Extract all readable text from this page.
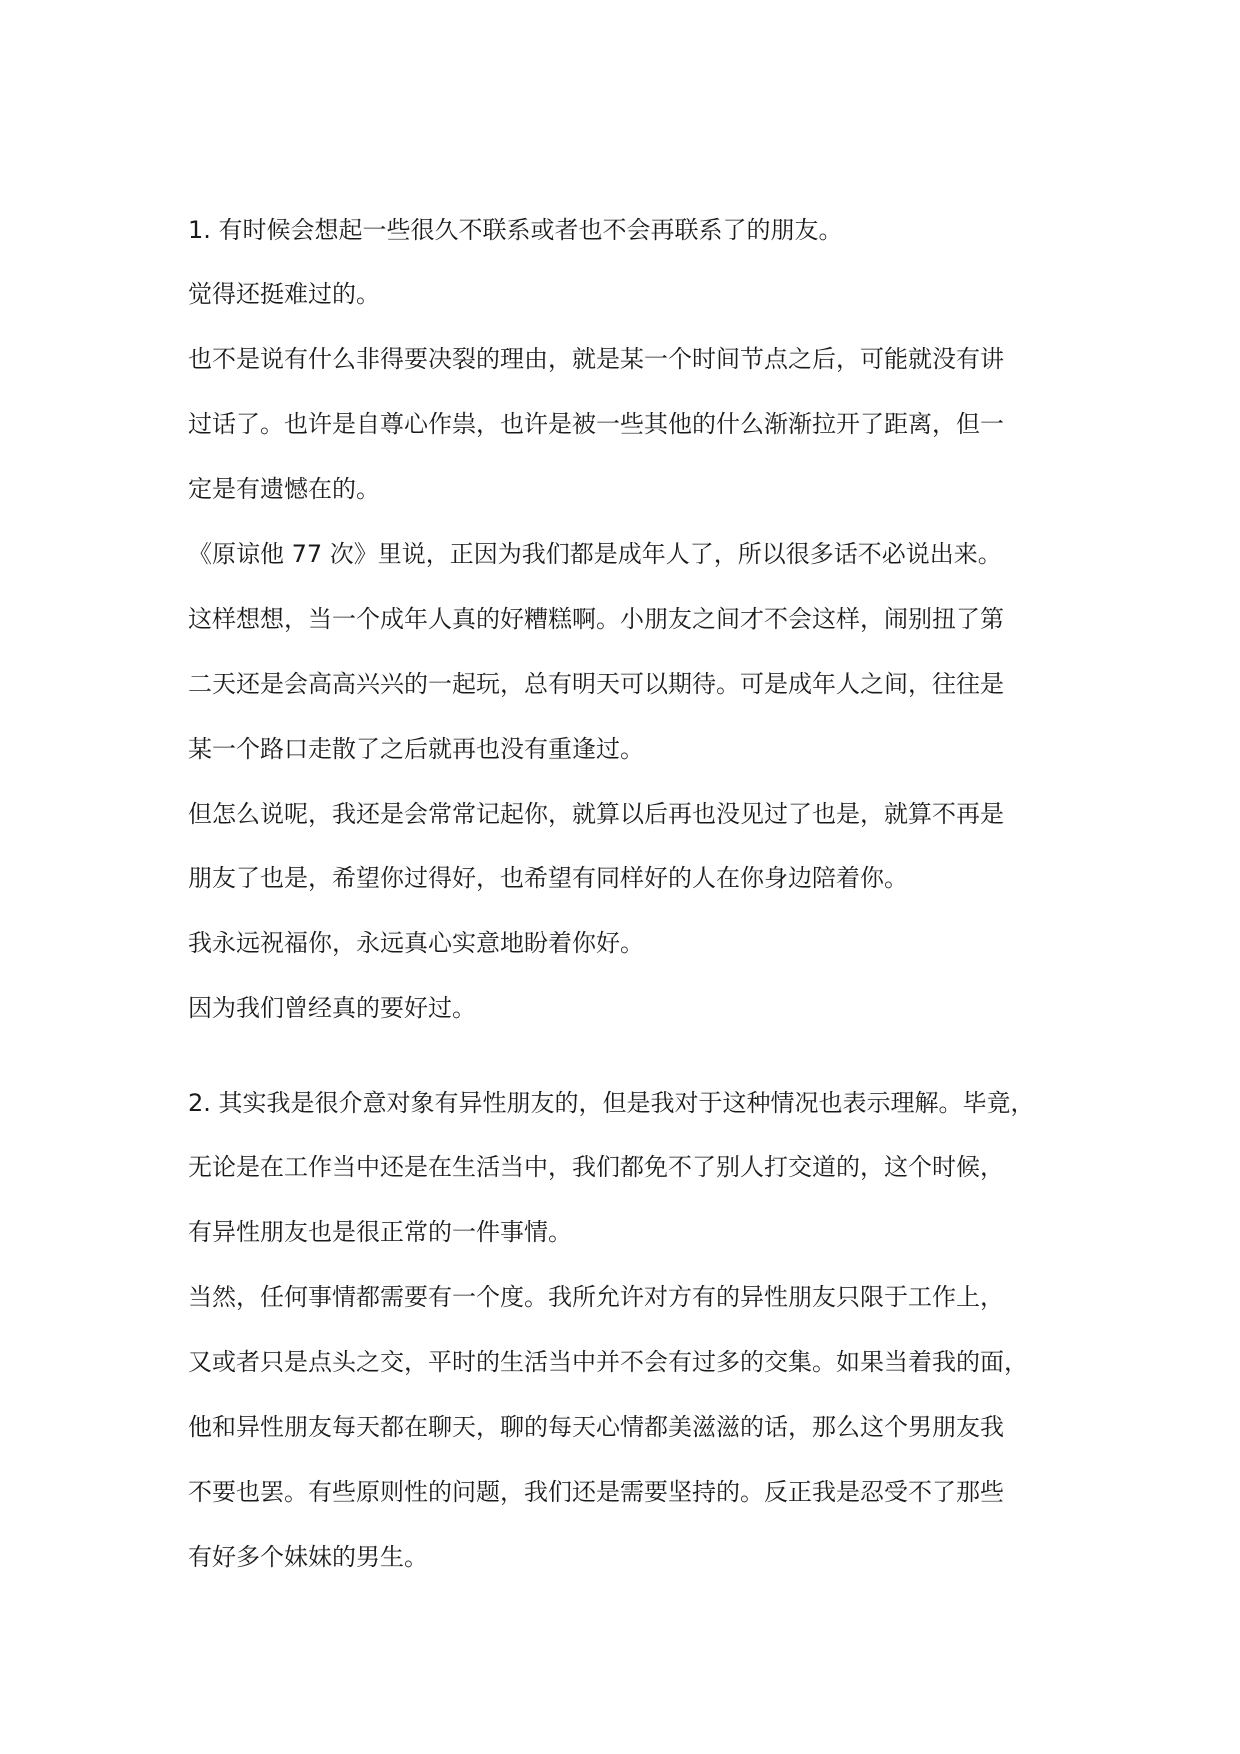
1. 有时候会想起一些很久不联系或者也不会再联系了的朋友。

觉得还挺难过的。

也不是说有什么非得要决裂的理由，就是某一个时间节点之后，可能就没有讲

过话了。也许是自尊心作祟，也许是被一些其他的什么渐渐拉开了距离，但一

定是有遗憾在的。

《原谅他 77 次》里说，正因为我们都是成年人了，所以很多话不必说出来。

这样想想，当一个成年人真的好糟糕啊。小朋友之间才不会这样，闹别扭了第

二天还是会高高兴兴的一起玩，总有明天可以期待。可是成年人之间，往往是

某一个路口走散了之后就再也没有重逢过。

但怎么说呢，我还是会常常记起你，就算以后再也没见过了也是，就算不再是

朋友了也是，希望你过得好，也希望有同样好的人在你身边陪着你。

我永远祝福你，永远真心实意地盼着你好。

因为我们曾经真的要好过。

2. 其实我是很介意对象有异性朋友的，但是我对于这种情况也表示理解。毕竟，

无论是在工作当中还是在生活当中，我们都免不了别人打交道的，这个时候，

有异性朋友也是很正常的一件事情。

当然，任何事情都需要有一个度。我所允许对方有的异性朋友只限于工作上，

又或者只是点头之交，平时的生活当中并不会有过多的交集。如果当着我的面，

他和异性朋友每天都在聊天，聊的每天心情都美滋滋的话，那么这个男朋友我

不要也罢。有些原则性的问题，我们还是需要坚持的。反正我是忍受不了那些

有好多个妹妹的男生。
